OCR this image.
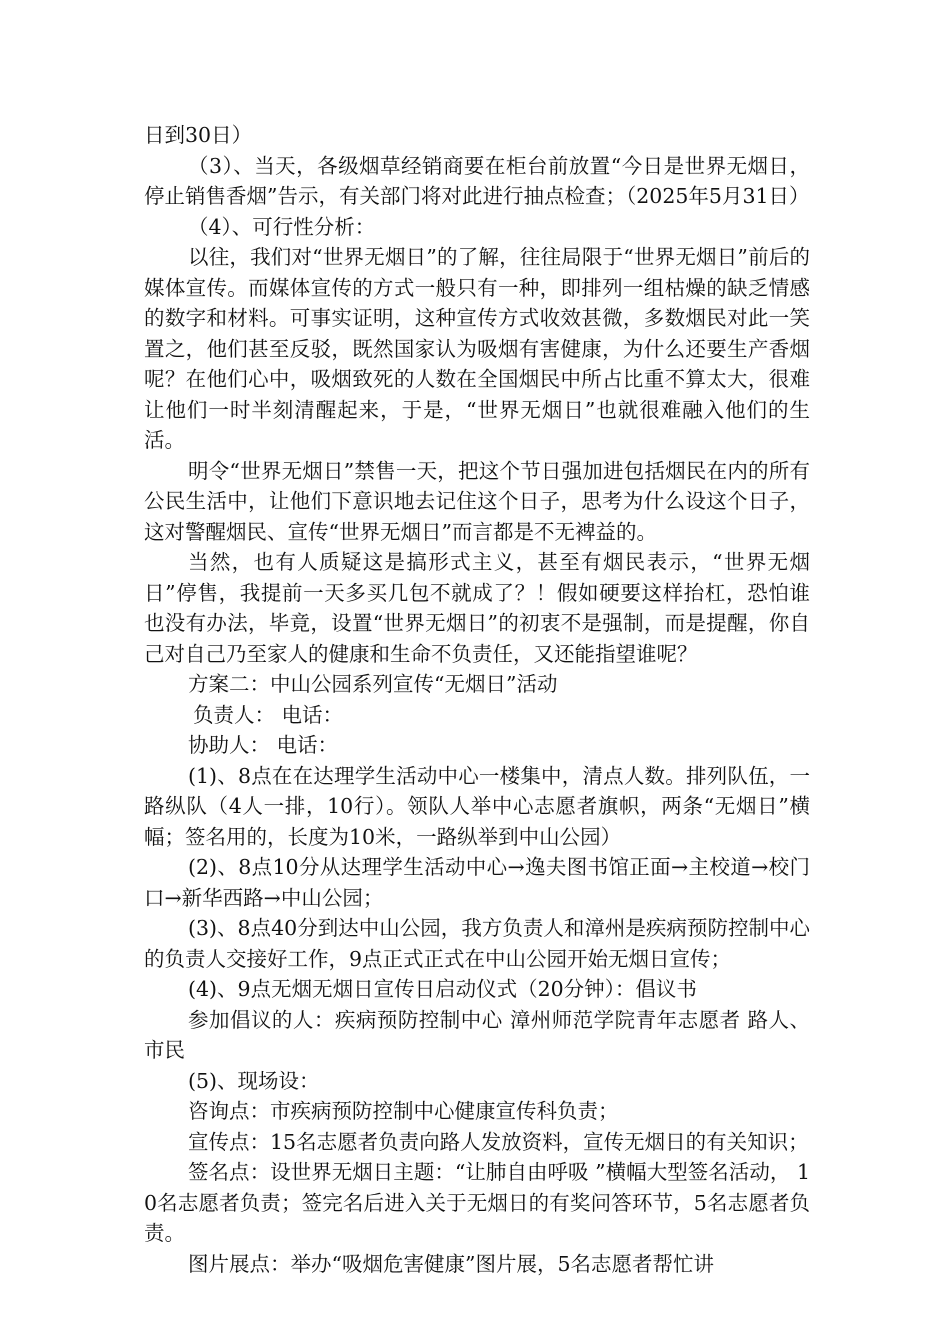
日到30日）

（3）、当天，各级烟草经销商要在柜台前放置“今日是世界无烟日，停止销售香烟”告示，有关部门将对此进行抽点检查；（2025年5月31日）

（4）、可行性分析：

以往，我们对“世界无烟日”的了解，往往局限于“世界无烟日”前后的媒体宣传。而媒体宣传的方式一般只有一种，即排列一组枯燥的缺乏情感的数字和材料。可事实证明，这种宣传方式收效甚微，多数烟民对此一笑置之，他们甚至反驳，既然国家认为吸烟有害健康，为什么还要生产香烟呢？在他们心中，吸烟致死的人数在全国烟民中所占比重不算太大，很难让他们一时半刻清醒起来，于是，“世界无烟日”也就很难融入他们的生活。

明令“世界无烟日”禁售一天，把这个节日强加进包括烟民在内的所有公民生活中，让他们下意识地去记住这个日子，思考为什么设这个日子，这对警醒烟民、宣传“世界无烟日”而言都是不无裨益的。

当然，也有人质疑这是搞形式主义，甚至有烟民表示，“世界无烟日”停售，我提前一天多买几包不就成了？！假如硬要这样抬杠，恐怕谁也没有办法，毕竟，设置“世界无烟日”的初衷不是强制，而是提醒，你自己对自己乃至家人的健康和生命不负责任，又还能指望谁呢？

方案二：中山公园系列宣传“无烟日”活动

负责人： 电话：

协助人： 电话：

(1)、8点在在达理学生活动中心一楼集中，清点人数。排列队伍，一路纵队（4人一排，10行）。领队人举中心志愿者旗帜，两条“无烟日”横幅；签名用的，长度为10米，一路纵举到中山公园）

(2)、8点10分从达理学生活动中心→逸夫图书馆正面→主校道→校门口→新华西路→中山公园；

(3)、8点40分到达中山公园，我方负责人和漳州是疾病预防控制中心的负责人交接好工作，9点正式正式在中山公园开始无烟日宣传；

(4)、9点无烟无烟日宣传日启动仪式（20分钟）：倡议书

参加倡议的人：疾病预防控制中心 漳州师范学院青年志愿者 路人、市民

(5)、现场设：

咨询点：市疾病预防控制中心健康宣传科负责；

宣传点：15名志愿者负责向路人发放资料，宣传无烟日的有关知识；

签名点：设世界无烟日主题：“让肺自由呼吸 ”横幅大型签名活动， 10名志愿者负责；签完名后进入关于无烟日的有奖问答环节，5名志愿者负责。

图片展点：举办“吸烟危害健康”图片展，5名志愿者帮忙讲
